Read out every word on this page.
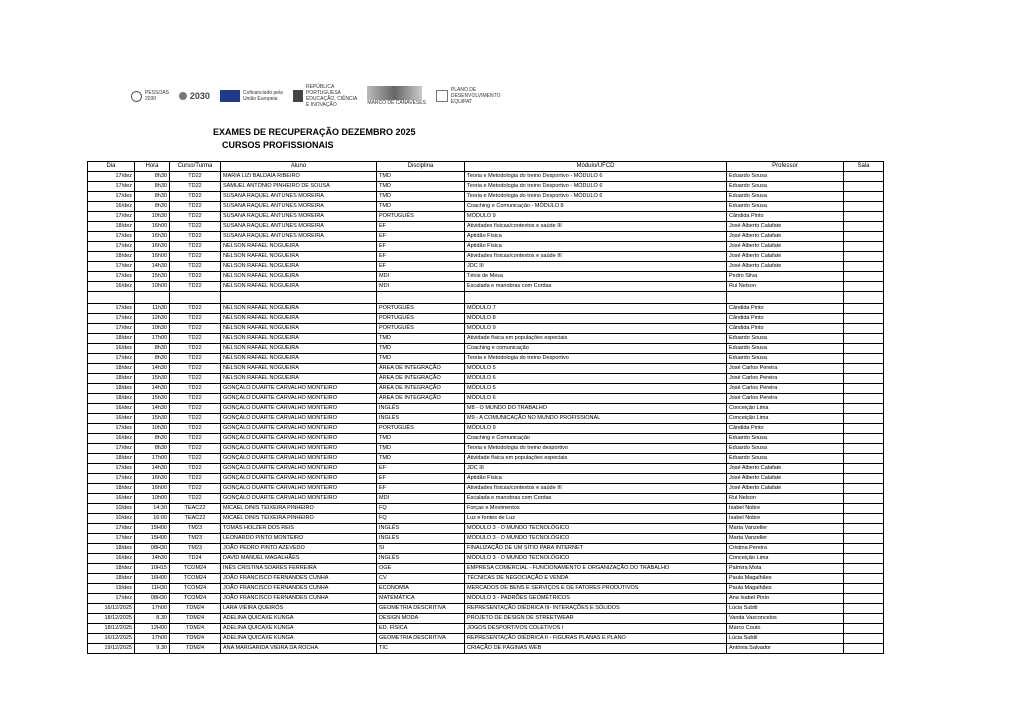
PESSOAS
2030	2030	Cofinanciado pela
União Europeia
REPÚBLICA
PORTUGUESA
EDUCAÇÃO, CIÊNCIA
E INOVAÇÃO	MARCO DE CANAVESES
PLANO DE
DESENVOLVIMENTO
EQUIPAT
EXAMES DE RECUPERAÇÃO DEZEMBRO 2025
CURSOS PROFISSIONAIS
Dia	Hora	Curso/Turma	Aluno	Disciplina	Módulo/UFCD	Professor	Sala
17/dez	8h30	TD22	MARIA LIZI BALDAIA RIBEIRO	TMD	Teoria e Metodologia do treino Desportivo - MÓDULO 6	Eduardo Sousa	
17/dez	8h30	TD22	SAMUEL ANTÓNIO PINHEIRO DE SOUSA	TMD	Teoria e Metodologia do treino Desportivo - MÓDULO 6	Eduardo Sousa	
17/dez	8h30	TD22	SUSANA RAQUEL ANTUNES MOREIRA	TMD	Teoria e Metodologia do treino Desportivo - MÓDULO 6	Eduardo Sousa	
16/dez	8h30	TD22	SUSANA RAQUEL ANTUNES MOREIRA	TMD	Coaching e Comunicação - MÓDULO 8	Eduardo Sousa	
17/dez	10h30	TD22	SUSANA RAQUEL ANTUNES MOREIRA	PORTUGUÊS	MÓDULO 9	Cândida Pinto	
18/dez	16h00	TD22	SUSANA RAQUEL ANTUNES MOREIRA	EF	Atividades físicas/contextos e saúde III	José Alberto Calafate	
17/dez	16h30	TD22	SUSANA RAQUEL ANTUNES MOREIRA	EF	Aptidão Física	José Alberto Calafate	
17/dez	16h30	TD22	NELSON RAFAEL NOGUEIRA	EF	Aptidão Física	José Alberto Calafate	
18/dez	16h00	TD22	NELSON RAFAEL NOGUEIRA	EF	Atividades físicas/contextos e saúde III	José Alberto Calafate	
17/dez	14h30	TD22	NELSON RAFAEL NOGUEIRA	EF	JDC III	José Alberto Calafate	
17/dez	15h30	TD22	NELSON RAFAEL NOGUEIRA	MDI	Ténis de Mesa	Pedro Silva	
16/dez	10h00	TD22	NELSON RAFAEL NOGUEIRA	MDI	Escalada e manobras com Cordas	Rui Nelson	

17/dez	11h30	TD22	NELSON RAFAEL NOGUEIRA	PORTUGUÊS	MÓDULO 7	Cândida Pinto	
17/dez	12h30	TD22	NELSON RAFAEL NOGUEIRA	PORTUGUÊS	MÓDULO 8	Cândida Pinto	
17/dez	10h30	TD22	NELSON RAFAEL NOGUEIRA	PORTUGUÊS	MÓDULO 9	Cândida Pinto	
18/dez	17h00	TD22	NELSON RAFAEL NOGUEIRA	TMD	Atividade física em populações especiais	Eduardo Sousa	
16/dez	8h30	TD22	NELSON RAFAEL NOGUEIRA	TMD	Coaching e comunicação	Eduardo Sousa	
17/dez	8h30	TD22	NELSON RAFAEL NOGUEIRA	TMD	Teoria e Metodologia do treino Desportivo	Eduardo Sousa	
18/dez	14h30	TD22	NELSON RAFAEL NOGUEIRA	ÁREA DE INTEGRAÇÃO	MÓDULO 5	José Carlos Pereira	
18/dez	15h30	TD22	NELSON RAFAEL NOGUEIRA	ÁREA DE INTEGRAÇÃO	MÓDULO 6	José Carlos Pereira	
18/dez	14h30	TD22	GONÇALO DUARTE CARVALHO MONTEIRO	ÁREA DE INTEGRAÇÃO	MÓDULO 5	José Carlos Pereira	
18/dez	15h30	TD22	GONÇALO DUARTE CARVALHO MONTEIRO	ÁREA DE INTEGRAÇÃO	MÓDULO 6	José Carlos Pereira	
16/dez	14h30	TD22	GONÇALO DUARTE CARVALHO MONTEIRO	INGLÊS	M8 - O MUNDO DO TRABALHO	Conceição Lima	
16/dez	15h30	TD22	GONÇALO DUARTE CARVALHO MONTEIRO	INGLÊS	M9 - A COMUNICAÇÃO NO MUNDO PROFISSIONAL	Conceição Lima	
17/dez	10h30	TD22	GONÇALO DUARTE CARVALHO MONTEIRO	PORTUGUÊS	MÓDULO 9	Cândida Pinto	
16/dez	8h30	TD22	GONÇALO DUARTE CARVALHO MONTEIRO	TMD	Coaching e Comunicação	Eduardo Sousa	
17/dez	8h30	TD22	GONÇALO DUARTE CARVALHO MONTEIRO	TMD	Teoria e Metodologia do treino desportivo	Eduardo Sousa	
18/dez	17h00	TD22	GONÇALO DUARTE CARVALHO MONTEIRO	TMD	Atividade física em populações especiais	Eduardo Sousa	
17/dez	14h30	TD22	GONÇALO DUARTE CARVALHO MONTEIRO	EF	JDC III	José Alberto Calafate	
17/dez	16h30	TD22	GONÇALO DUARTE CARVALHO MONTEIRO	EF	Aptidão Física	José Alberto Calafate	
18/dez	16h00	TD22	GONÇALO DUARTE CARVALHO MONTEIRO	EF	Atividades físicas/contextos e saúde III	José Alberto Calafate	
16/dez	10h00	TD22	GONÇALO DUARTE CARVALHO MONTEIRO	MDI	Escalada e manobras com Cordas	Rui Nelson	
10/dez	14:30	TEAC22	MICAEL DINIS TEIXEIRA PINHEIRO	FQ	Forças e Movimentos	Isabel Nobre	
10/dez	16:00	TEAC22	MICAEL DINIS TEIXEIRA PINHEIRO	FQ	Luz e fontes de Luz	Isabel Nobre	
17/dez	15H00	TM23	TOMÁS HOLZER DOS REIS	INGLÊS	MÓDULO 3 - O MUNDO TECNOLÓGICO	Marta Vanzeller	
17/dez	15H00	TM23	LEONARDO PINTO MONTEIRO	INGLÊS	MÓDULO 3 - O MUNDO TECNOLÓGICO	Marta Vanzeller	
18/dez	08H30	TM23	JOÃO PEDRO PINTO AZEVEDO	SI	FINALIZAÇÃO DE UM SÍTIO PARA INTERNET	Cristina Pereira	
16/dez	14h30	TD24	DAVID MANUEL MAGALHÃES	INGLÊS	MÓDULO 3 - O MUNDO TECNOLÓGICO	Conceição Lima	
18/dez	10H15	TCOM24	INÊS CRISTINA SOARES FERREIRA	OGE	EMPRESA COMERCIAL - FUNCIONAMENTO E ORGANIZAÇÃO DO TRABALHO	Palmira Mota	
18/dez	16H00	TCOM24	JOÃO FRANCISCO FERNANDES CUNHA	CV	TÉCNICAS DE NEGOCIAÇÃO E VENDA	Paula Magalhães	
19/dez	11H30	TCOM24	JOÃO FRANCISCO FERNANDES CUNHA	ECONOMIA	MERCADOS DE BENS E SERVIÇOS E DE FATORES PRODUTIVOS	Paula Magalhães	
17/dez	08H30	TCOM24	JOÃO FRANCISCO FERNANDES CUNHA	MATEMÁTICA	MÓDULO 3 - PADRÕES GEOMÉTRICOS	Ana Isabel Pinto	
16/12/2025	17h00	TDM24	LARA VIEIRA QUEIRÓS	GEOMETRIA DESCRITIVA	REPRESENTAÇÃO DIÉDRICA III- INTERAÇÕES E SÓLIDOS	Lúcia Subtil	
18/12/2025	8.30	TDM24	ADELINA QUICAXE KUNGA	DESIGN MODA	PROJETO DE DESIGN DE STREETWEAR	Vanda Vasconcelos	
18/12/2025	12H00	TDM24	ADELINA QUICAXE KUNGA	ED. FÍSICA	JOGOS DESPORTIVOS COLETIVOS I	Marco Couto	
16/12/2025	17h00	TDM24	ADELINA QUICAXE KUNGA	GEOMETRIA DESCRITIVA	REPRESENTAÇÃO DIÉDRICA II - FIGURAS PLANAS E PLANO	Lúcia Subtil	
19/12/2025	9.30	TDM24	ANA MARGARIDA VIEIRA DA ROCHA	TIC	CRIAÇÃO DE PÁGINAS WEB	Antónia Salvador	
